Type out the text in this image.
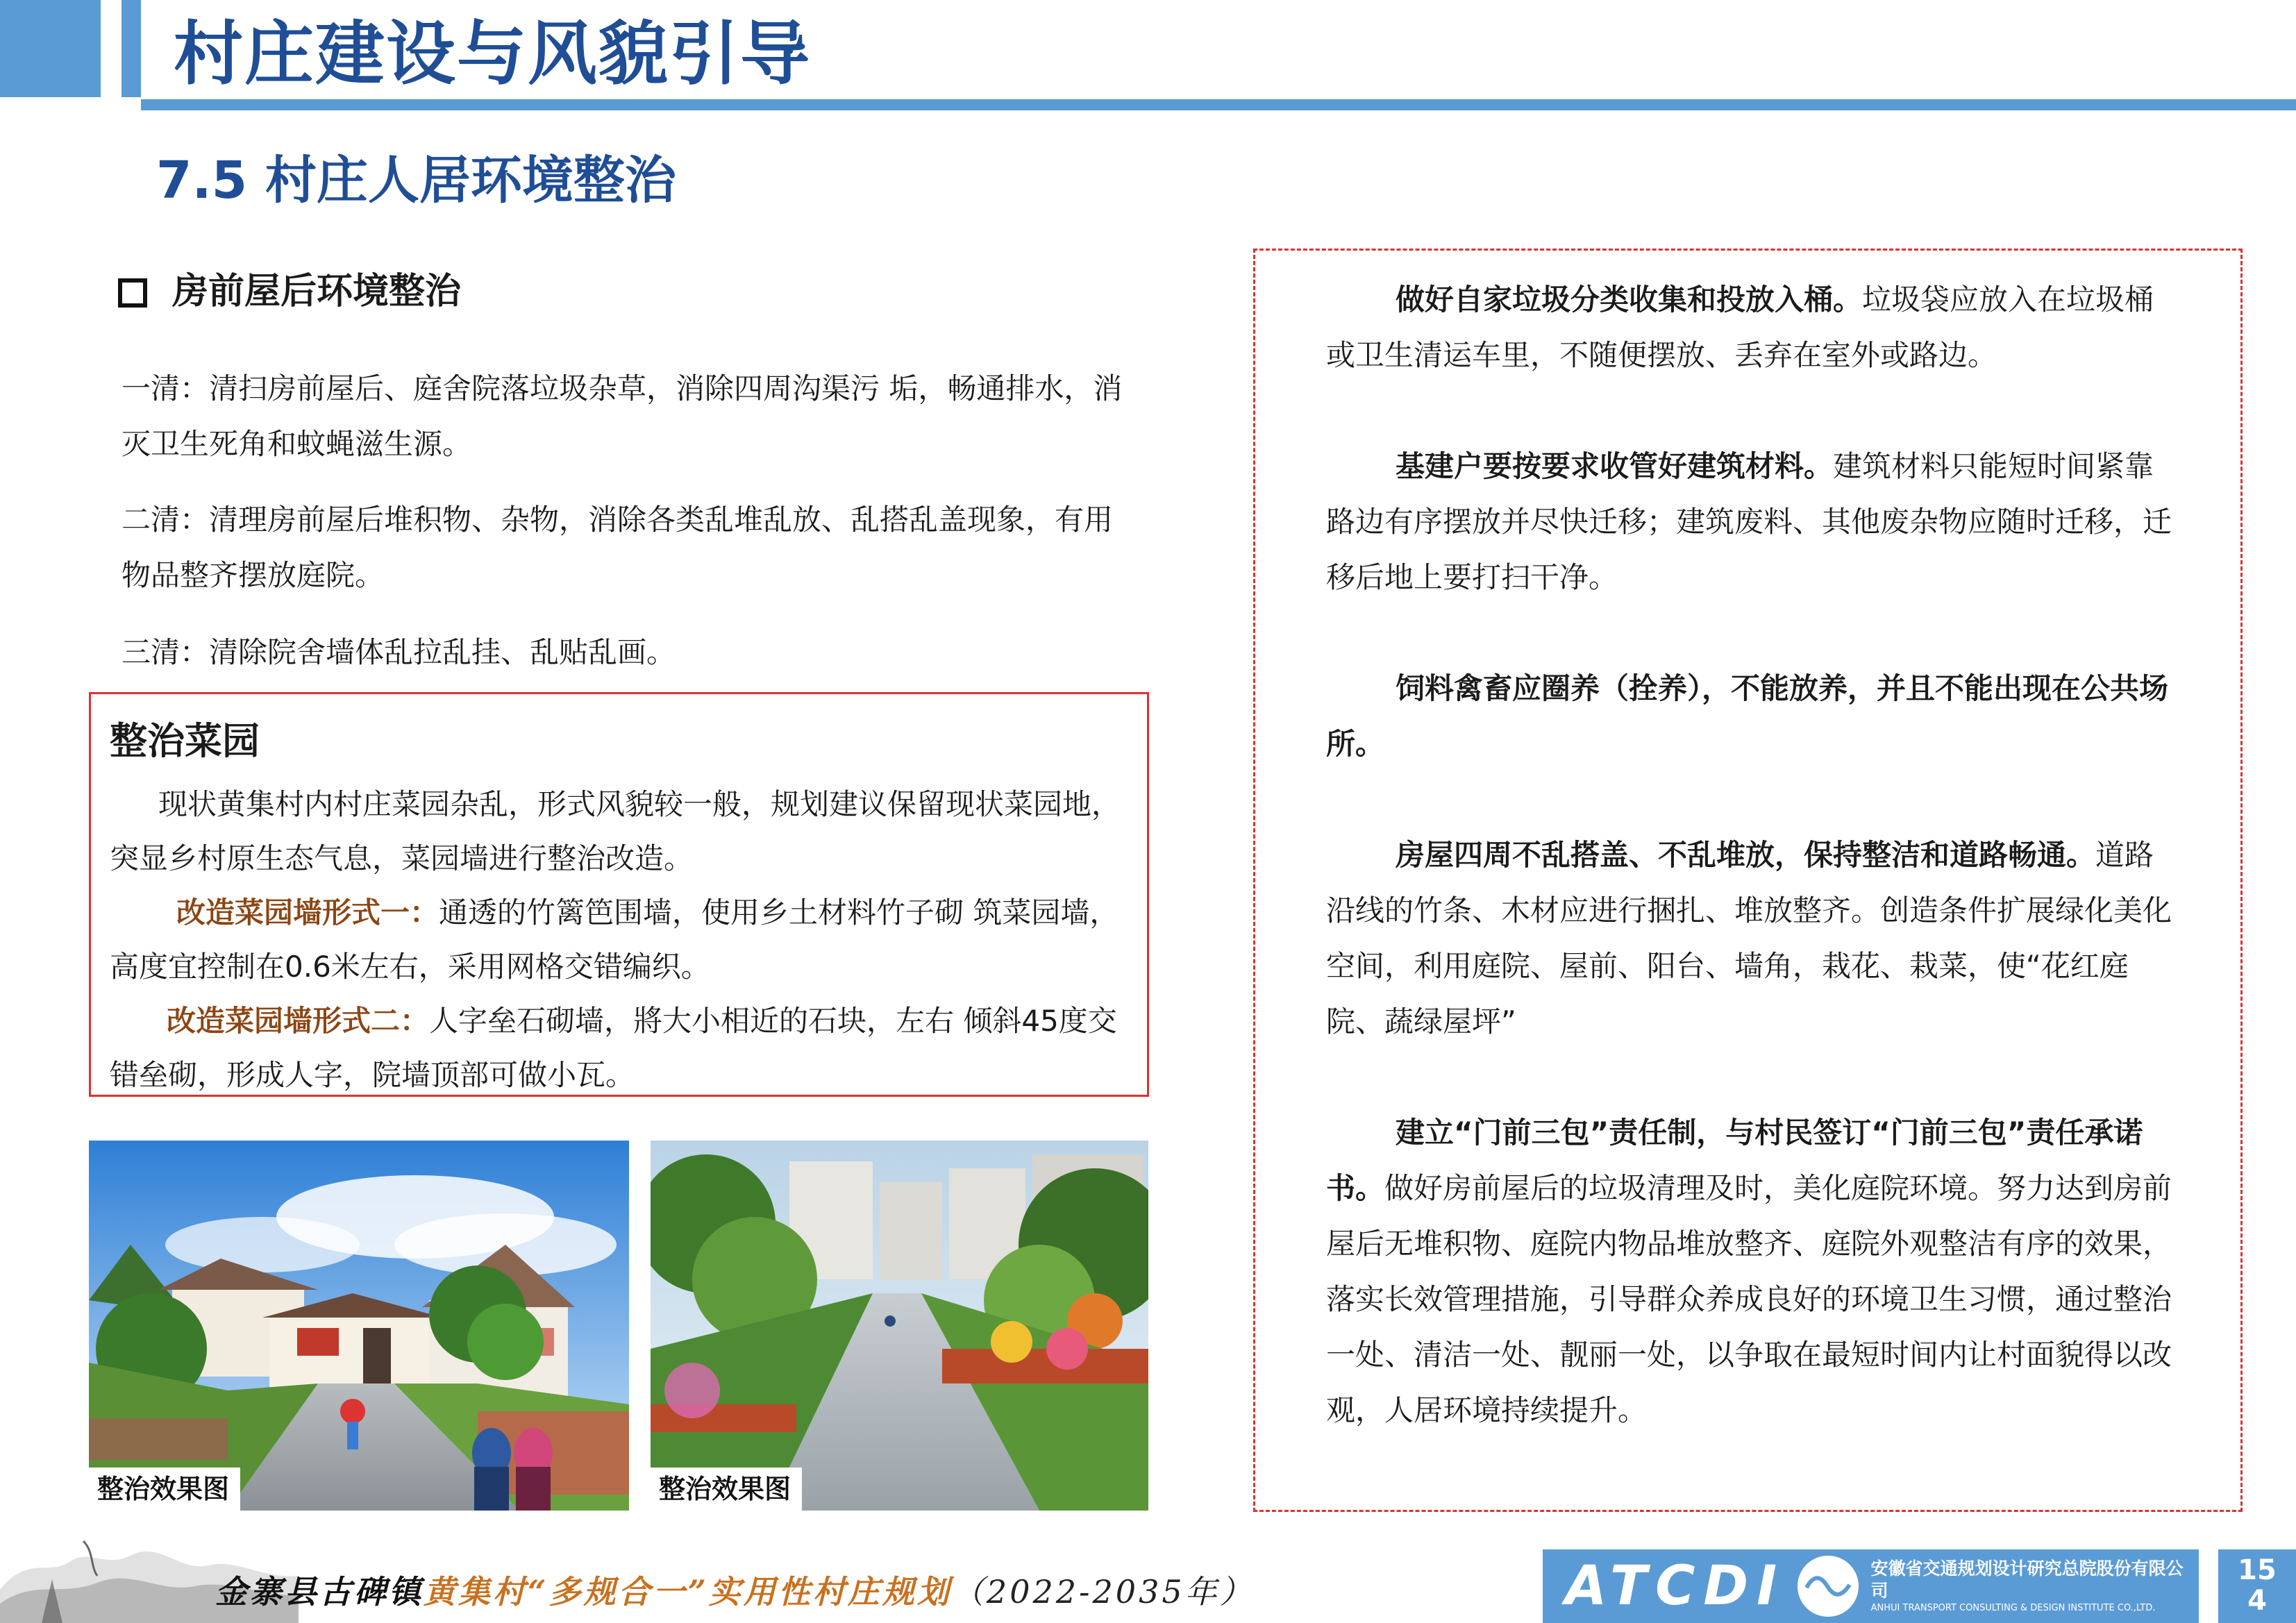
村庄建设与风貌引导
7.5 村庄人居环境整治
房前屋后环境整治
一清：清扫房前屋后、庭舍院落垃圾杂草，消除四周沟渠污 垢，畅通排水，消灭卫生死角和蚊蝇滋生源。
二清：清理房前屋后堆积物、杂物，消除各类乱堆乱放、乱搭乱盖现象，有用物品整齐摆放庭院。
三清：清除院舍墙体乱拉乱挂、乱贴乱画。
整治菜园

现状黄集村内村庄菜园杂乱，形式风貌较一般，规划建议保留现状菜园地，突显乡村原生态气息，菜园墙进行整治改造。

改造菜园墙形式一：通透的竹篱笆围墙，使用乡土材料竹子砌 筑菜园墙，高度宜控制在0.6米左右，采用网格交错编织。

改造菜园墙形式二：人字垒石砌墙，將大小相近的石块，左右 倾斜45度交错垒砌，形成人字，院墙顶部可做小瓦。

整治效果图	整治效果图

做好自家垃圾分类收集和投放入桶。垃圾袋应放入在垃圾桶或卫生清运车里，不随便摆放、丢弃在室外或路边。

基建户要按要求收管好建筑材料。建筑材料只能短时间紧靠路边有序摆放并尽快迁移；建筑废料、其他废杂物应随时迁移，迁移后地上要打扫干净。

饲料禽畜应圈养（拴养），不能放养，并且不能出现在公共场所。

房屋四周不乱搭盖、不乱堆放，保持整洁和道路畅通。道路沿线的竹条、木材应进行捆扎、堆放整齐。创造条件扩展绿化美化空间，利用庭院、屋前、阳台、墙角，栽花、栽菜，使“花红庭院、蔬绿屋坪”

建立“门前三包”责任制，与村民签订“门前三包”责任承诺书。做好房前屋后的垃圾清理及时，美化庭院环境。努力达到房前屋后无堆积物、庭院内物品堆放整齐、庭院外观整洁有序的效果，落实长效管理措施，引导群众养成良好的环境卫生习惯，通过整治一处、清洁一处、靓丽一处，以争取在最短时间内让村面貌得以改观，人居环境持续提升。

金寨县古碑镇黄集村“多规合一”实用性村庄规划（2022-2035年）	ATCDI	安徽省交通规划设计研究总院股份有限公司
ANHUI TRANSPORT CONSULTING & DESIGN INSTITUTE CO.,LTD.
15
4
